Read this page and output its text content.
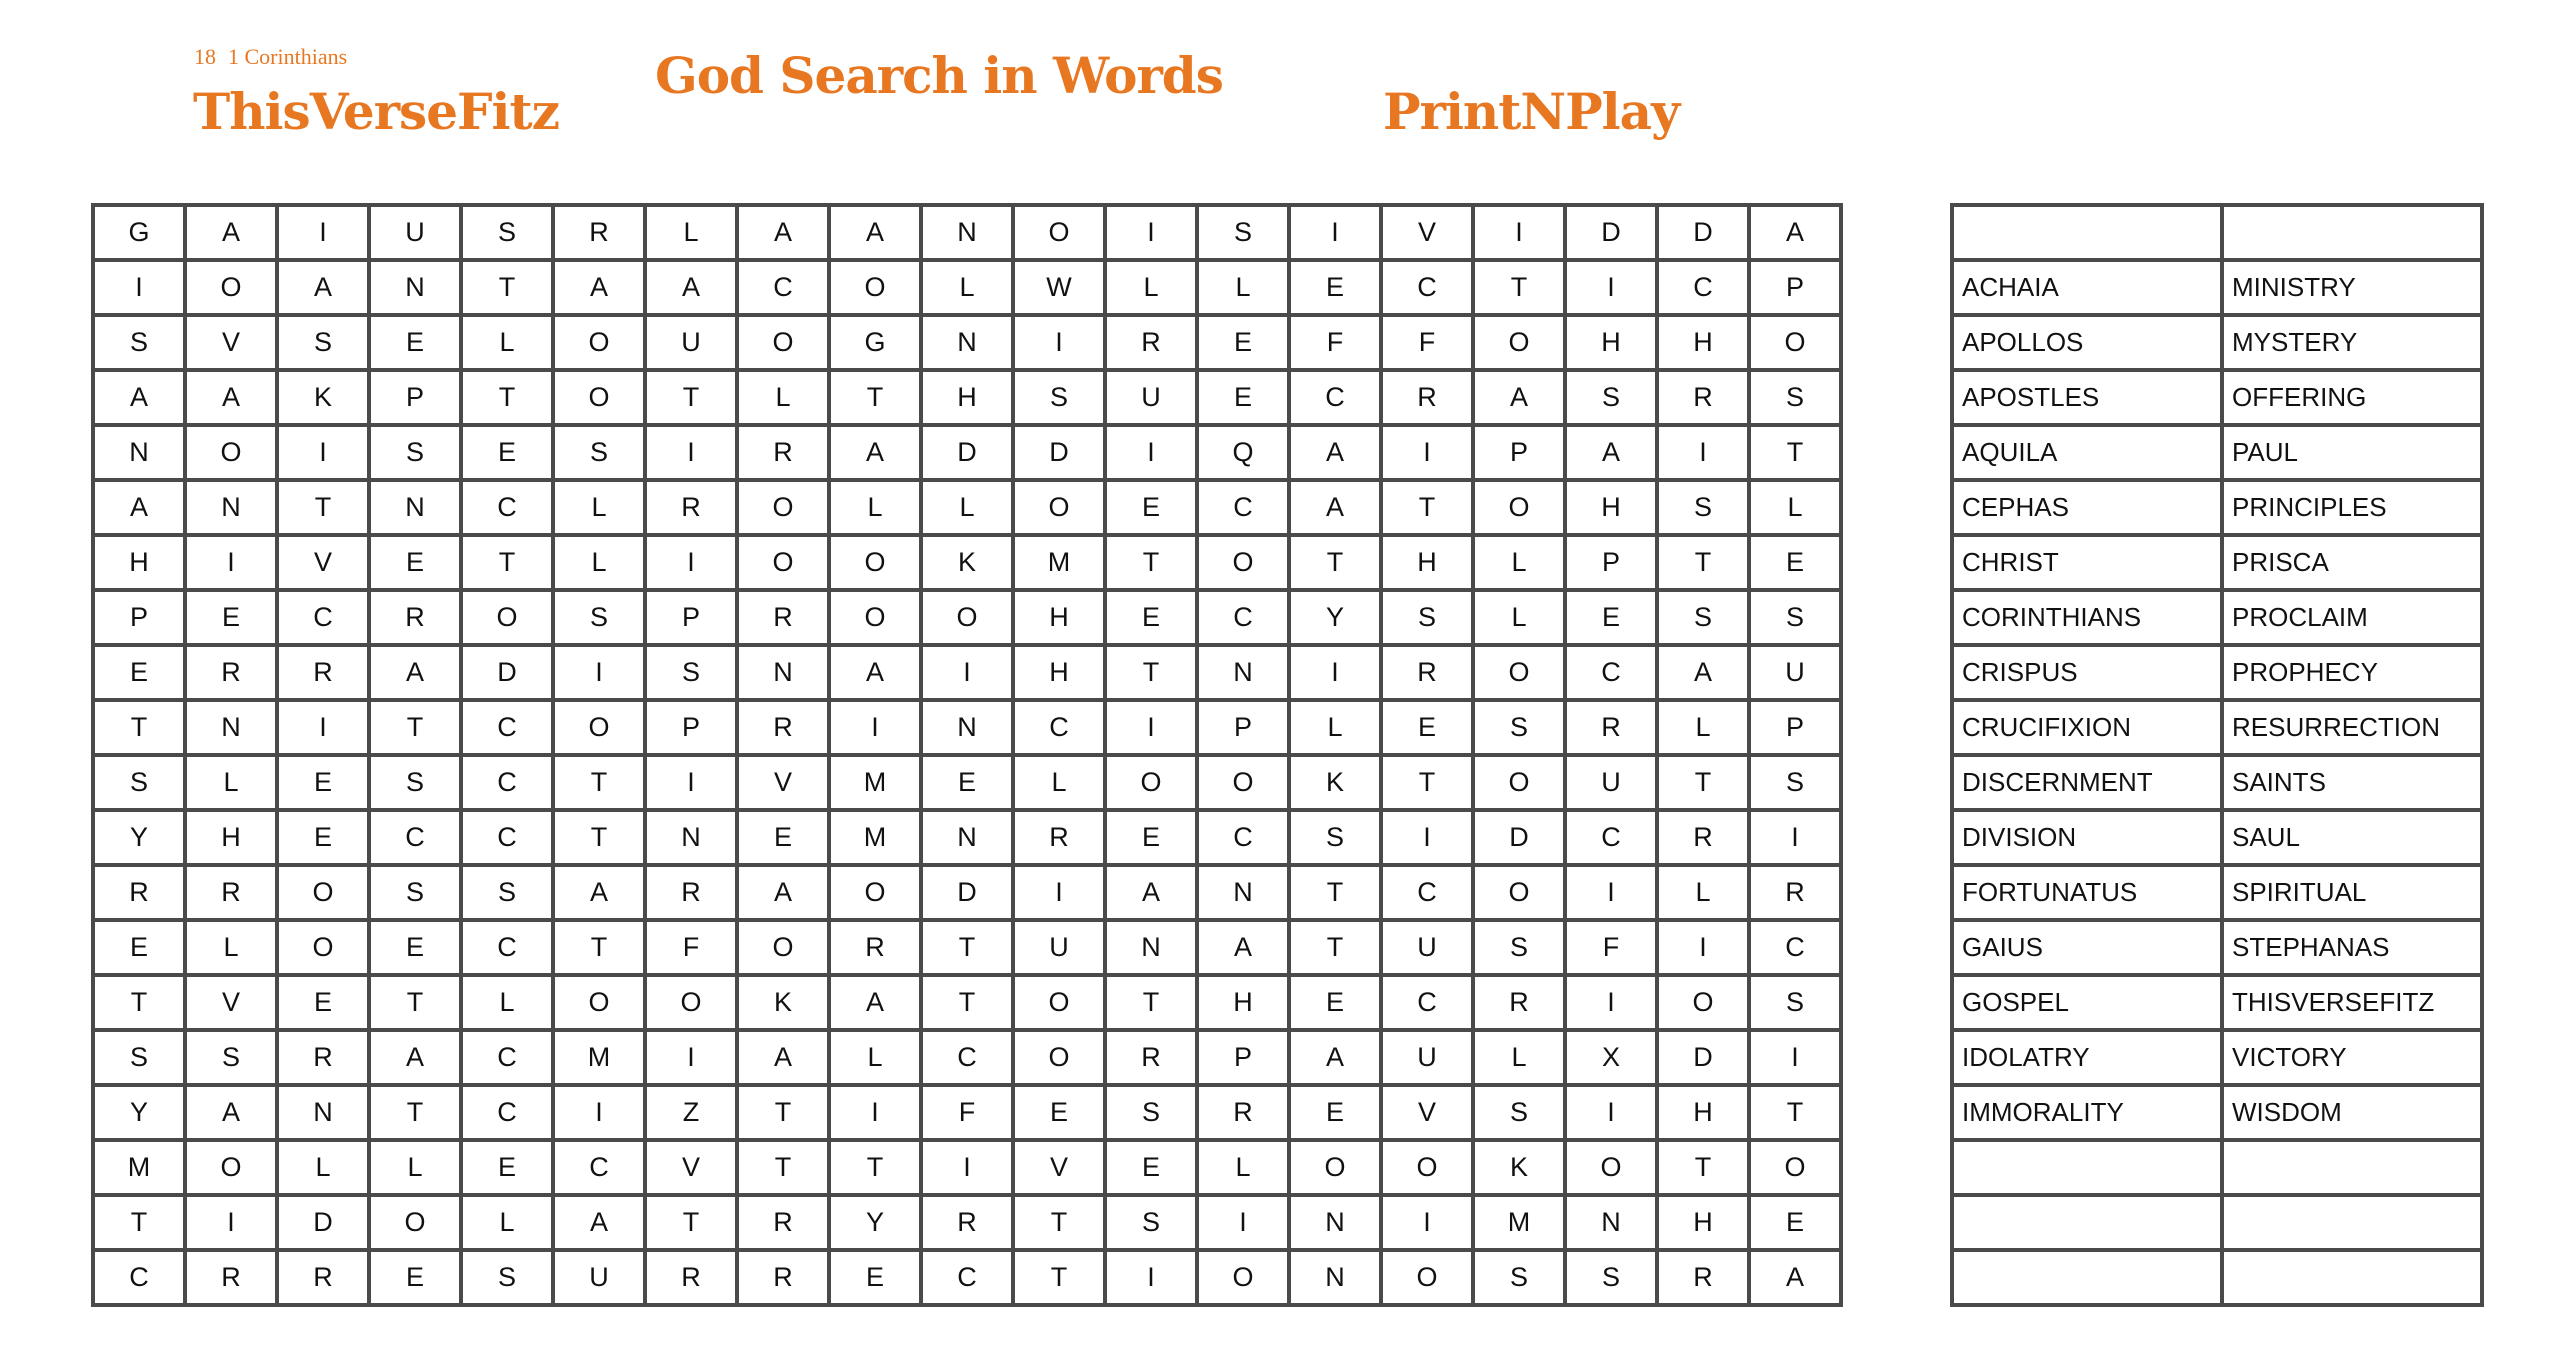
18 1 Corinthians
ThisVerseFitz
God Search in Words
PrintNPlay
G	A	I	U	S	R	L	A	A	N	O	I	S	I	V	I	D	D	A
I	O	A	N	T	A	A	C	O	L	W	L	L	E	C	T	I	C	P
S	V	S	E	L	O	U	O	G	N	I	R	E	F	F	O	H	H	O
A	A	K	P	T	O	T	L	T	H	S	U	E	C	R	A	S	R	S
N	O	I	S	E	S	I	R	A	D	D	I	Q	A	I	P	A	I	T
A	N	T	N	C	L	R	O	L	L	O	E	C	A	T	O	H	S	L
H	I	V	E	T	L	I	O	O	K	M	T	O	T	H	L	P	T	E
P	E	C	R	O	S	P	R	O	O	H	E	C	Y	S	L	E	S	S
E	R	R	A	D	I	S	N	A	I	H	T	N	I	R	O	C	A	U
T	N	I	T	C	O	P	R	I	N	C	I	P	L	E	S	R	L	P
S	L	E	S	C	T	I	V	M	E	L	O	O	K	T	O	U	T	S
Y	H	E	C	C	T	N	E	M	N	R	E	C	S	I	D	C	R	I
R	R	O	S	S	A	R	A	O	D	I	A	N	T	C	O	I	L	R
E	L	O	E	C	T	F	O	R	T	U	N	A	T	U	S	F	I	C
T	V	E	T	L	O	O	K	A	T	O	T	H	E	C	R	I	O	S
S	S	R	A	C	M	I	A	L	C	O	R	P	A	U	L	X	D	I
Y	A	N	T	C	I	Z	T	I	F	E	S	R	E	V	S	I	H	T
M	O	L	L	E	C	V	T	T	I	V	E	L	O	O	K	O	T	O
T	I	D	O	L	A	T	R	Y	R	T	S	I	N	I	M	N	H	E
C	R	R	E	S	U	R	R	E	C	T	I	O	N	O	S	S	R	A

ACHAIA	MINISTRY
APOLLOS	MYSTERY
APOSTLES	OFFERING
AQUILA	PAUL
CEPHAS	PRINCIPLES
CHRIST	PRISCA
CORINTHIANS	PROCLAIM
CRISPUS	PROPHECY
CRUCIFIXION	RESURRECTION
DISCERNMENT	SAINTS
DIVISION	SAUL
FORTUNATUS	SPIRITUAL
GAIUS	STEPHANAS
GOSPEL	THISVERSEFITZ
IDOLATRY	VICTORY
IMMORALITY	WISDOM
